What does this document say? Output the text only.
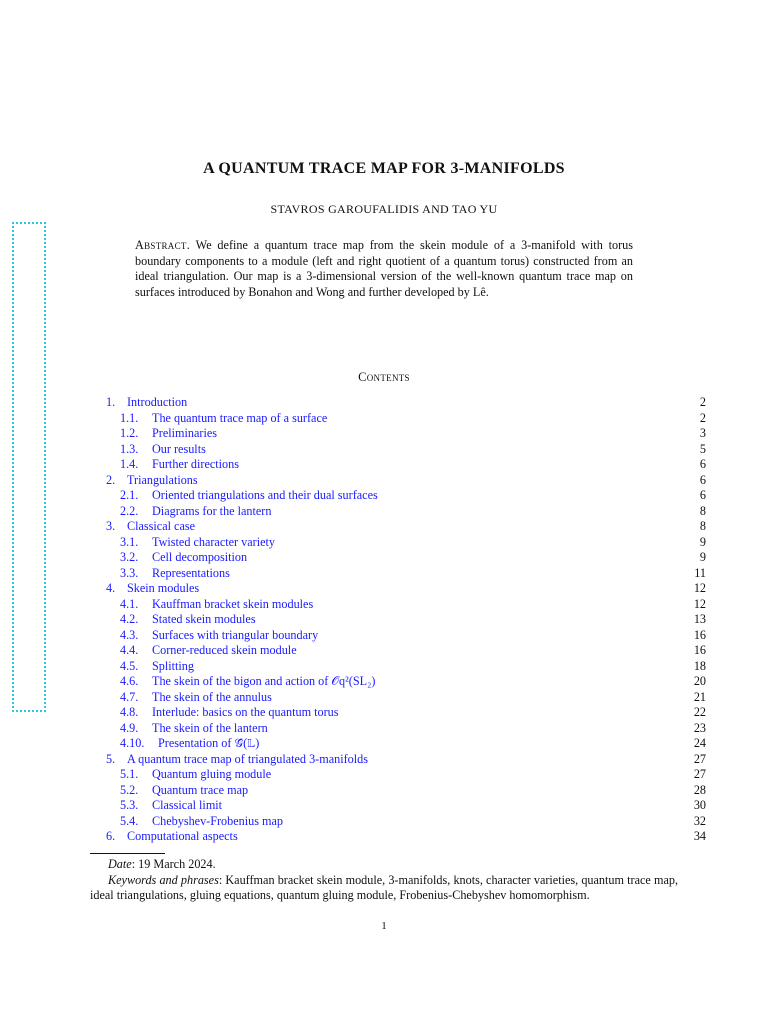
A QUANTUM TRACE MAP FOR 3-MANIFOLDS
STAVROS GAROUFALIDIS AND TAO YU
Abstract. We define a quantum trace map from the skein module of a 3-manifold with torus boundary components to a module (left and right quotient of a quantum torus) constructed from an ideal triangulation. Our map is a 3-dimensional version of the well-known quantum trace map on surfaces introduced by Bonahon and Wong and further developed by Lê.
Contents
1. Introduction	2
1.1. The quantum trace map of a surface	2
1.2. Preliminaries	3
1.3. Our results	5
1.4. Further directions	6
2. Triangulations	6
2.1. Oriented triangulations and their dual surfaces	6
2.2. Diagrams for the lantern	8
3. Classical case	8
3.1. Twisted character variety	9
3.2. Cell decomposition	9
3.3. Representations	11
4. Skein modules	12
4.1. Kauffman bracket skein modules	12
4.2. Stated skein modules	13
4.3. Surfaces with triangular boundary	16
4.4. Corner-reduced skein module	16
4.5. Splitting	18
4.6. The skein of the bigon and action of 𝒪q²(SL₂)	20
4.7. The skein of the annulus	21
4.8. Interlude: basics on the quantum torus	22
4.9. The skein of the lantern	23
4.10. Presentation of 𝒢̂(𝕃)	24
5. A quantum trace map of triangulated 3-manifolds	27
5.1. Quantum gluing module	27
5.2. Quantum trace map	28
5.3. Classical limit	30
5.4. Chebyshev-Frobenius map	32
6. Computational aspects	34

Date: 19 March 2024.

Keywords and phrases: Kauffman bracket skein module, 3-manifolds, knots, character varieties, quantum trace map, ideal triangulations, gluing equations, quantum gluing module, Frobenius-Chebyshev homomorphism.

1
